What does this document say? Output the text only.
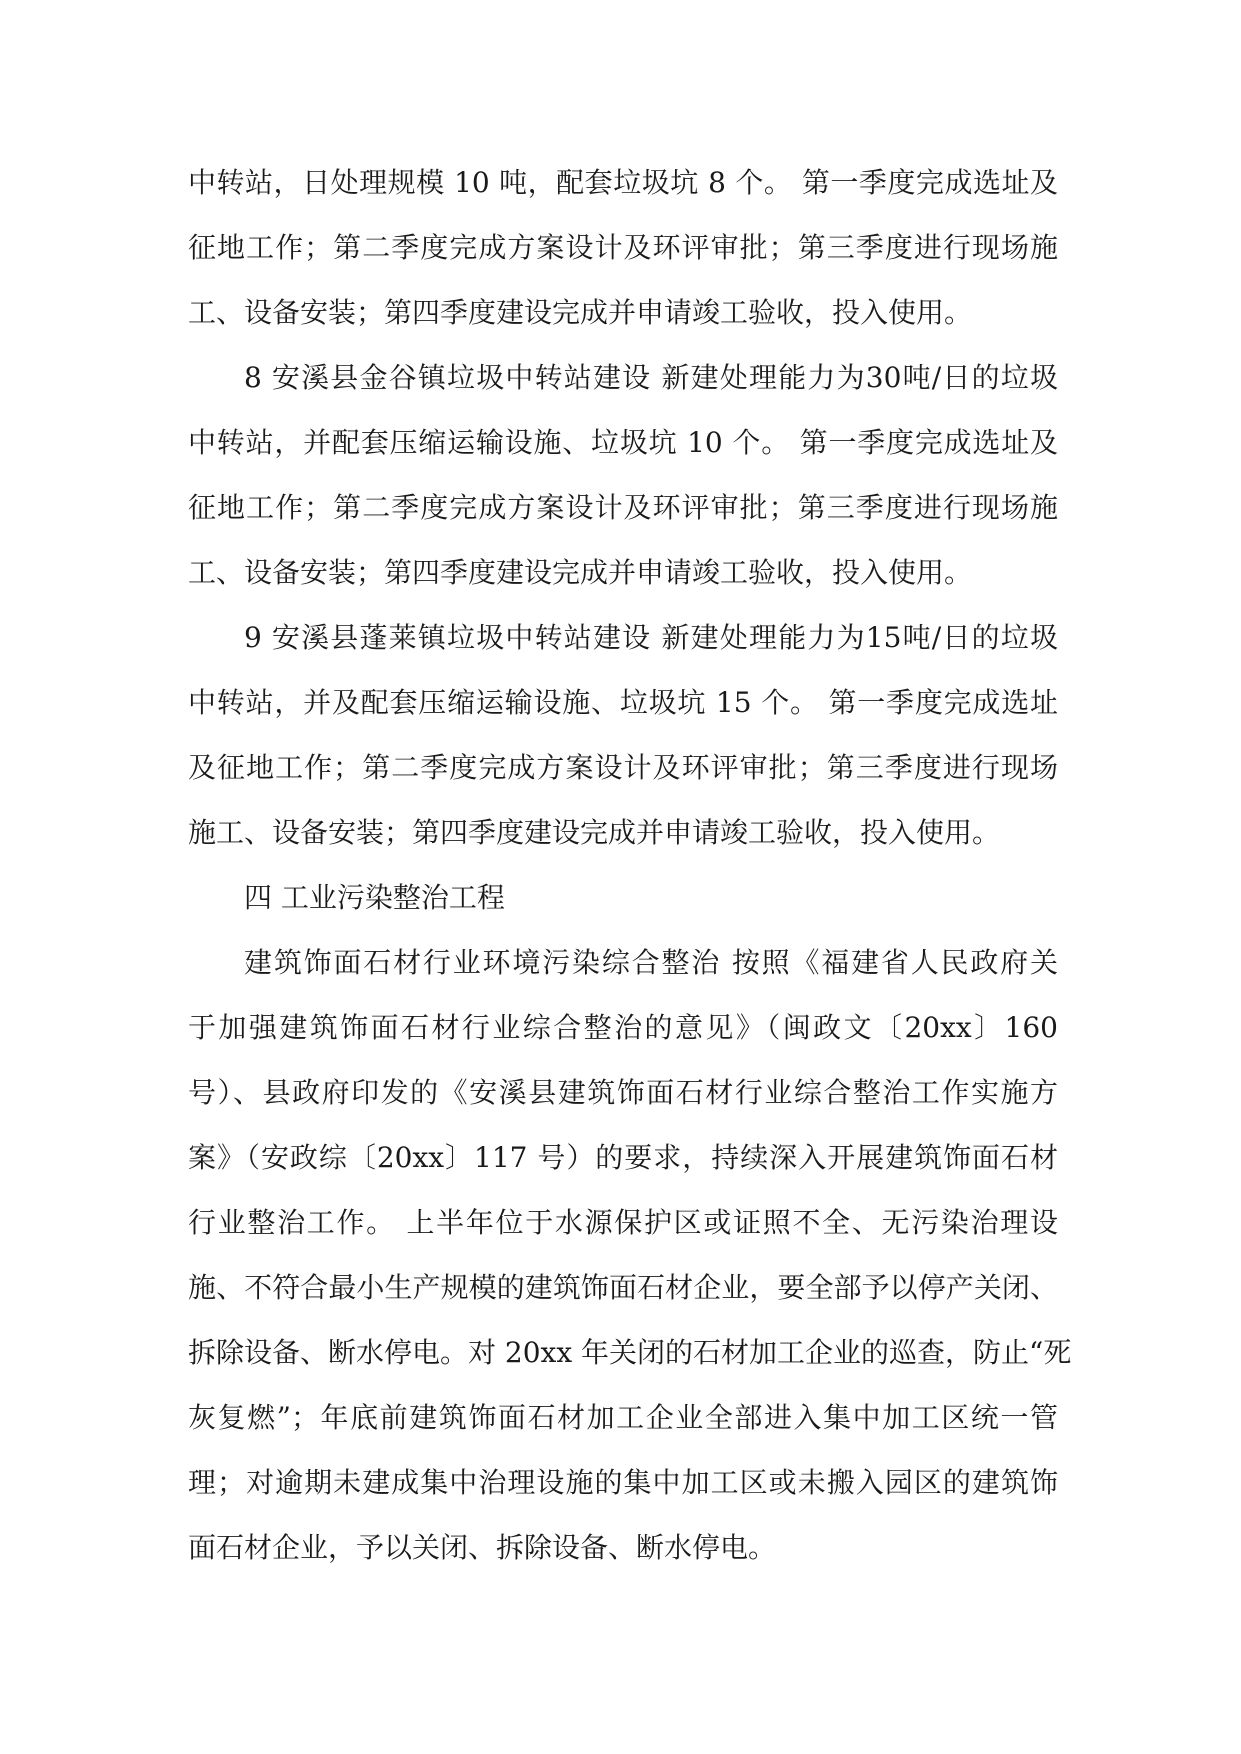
中转站，日处理规模 10 吨，配套垃圾坑 8 个。 第一季度完成选址及
征地工作；第二季度完成方案设计及环评审批；第三季度进行现场施
工、设备安装；第四季度建设完成并申请竣工验收，投入使用。
8 安溪县金谷镇垃圾中转站建设 新建处理能力为30吨/日的垃圾
中转站，并配套压缩运输设施、垃圾坑 10 个。 第一季度完成选址及
征地工作；第二季度完成方案设计及环评审批；第三季度进行现场施
工、设备安装；第四季度建设完成并申请竣工验收，投入使用。
9 安溪县蓬莱镇垃圾中转站建设 新建处理能力为15吨/日的垃圾
中转站，并及配套压缩运输设施、垃圾坑 15 个。 第一季度完成选址
及征地工作；第二季度完成方案设计及环评审批；第三季度进行现场
施工、设备安装；第四季度建设完成并申请竣工验收，投入使用。
四 工业污染整治工程
建筑饰面石材行业环境污染综合整治 按照《福建省人民政府关
于加强建筑饰面石材行业综合整治的意见》（闽政文〔20xx〕160
号）、县政府印发的《安溪县建筑饰面石材行业综合整治工作实施方
案》（安政综〔20xx〕117 号）的要求，持续深入开展建筑饰面石材
行业整治工作。 上半年位于水源保护区或证照不全、无污染治理设
施、不符合最小生产规模的建筑饰面石材企业，要全部予以停产关闭、
拆除设备、断水停电。对 20xx 年关闭的石材加工企业的巡查，防止“死
灰复燃”；年底前建筑饰面石材加工企业全部进入集中加工区统一管
理；对逾期未建成集中治理设施的集中加工区或未搬入园区的建筑饰
面石材企业，予以关闭、拆除设备、断水停电。
